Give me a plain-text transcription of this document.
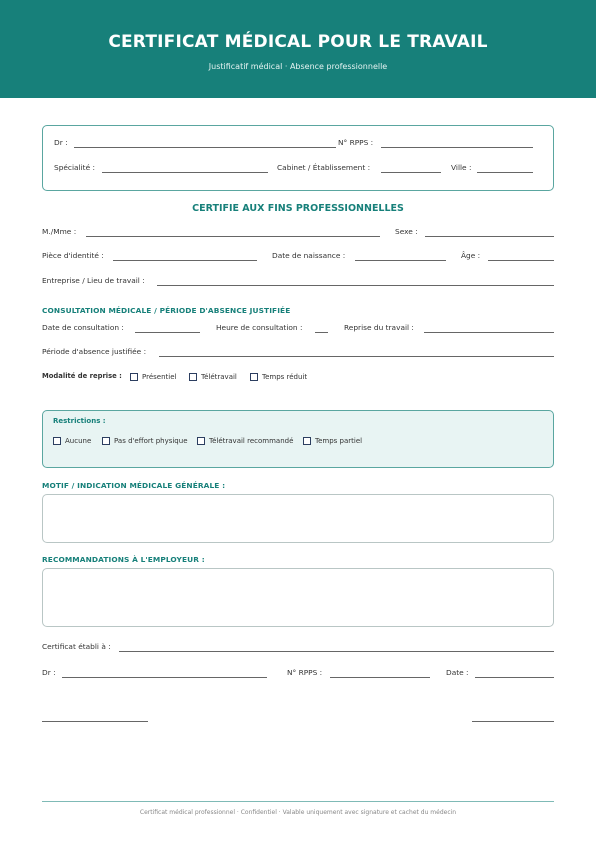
CERTIFICAT MÉDICAL POUR LE TRAVAIL
Justificatif médical · Absence professionnelle
Dr :	N° RPPS :
Spécialité :	Cabinet / Établissement :	Ville :
CERTIFIE AUX FINS PROFESSIONNELLES
M./Mme :	Sexe :
Pièce d'identité :	Date de naissance :	Âge :
Entreprise / Lieu de travail :
CONSULTATION MÉDICALE / PÉRIODE D'ABSENCE JUSTIFIÉE
Date de consultation :	Heure de consultation :	Reprise du travail :
Période d'absence justifiée :
Modalité de reprise :	Présentiel	Télétravail	Temps réduit
Restrictions :
Aucune	Pas d'effort physique	Télétravail recommandé	Temps partiel
MOTIF / INDICATION MÉDICALE GÉNÉRALE :
RECOMMANDATIONS À L'EMPLOYEUR :
Certificat établi à :
Dr :	N° RPPS :	Date :
Certificat médical professionnel · Confidentiel · Valable uniquement avec signature et cachet du médecin
